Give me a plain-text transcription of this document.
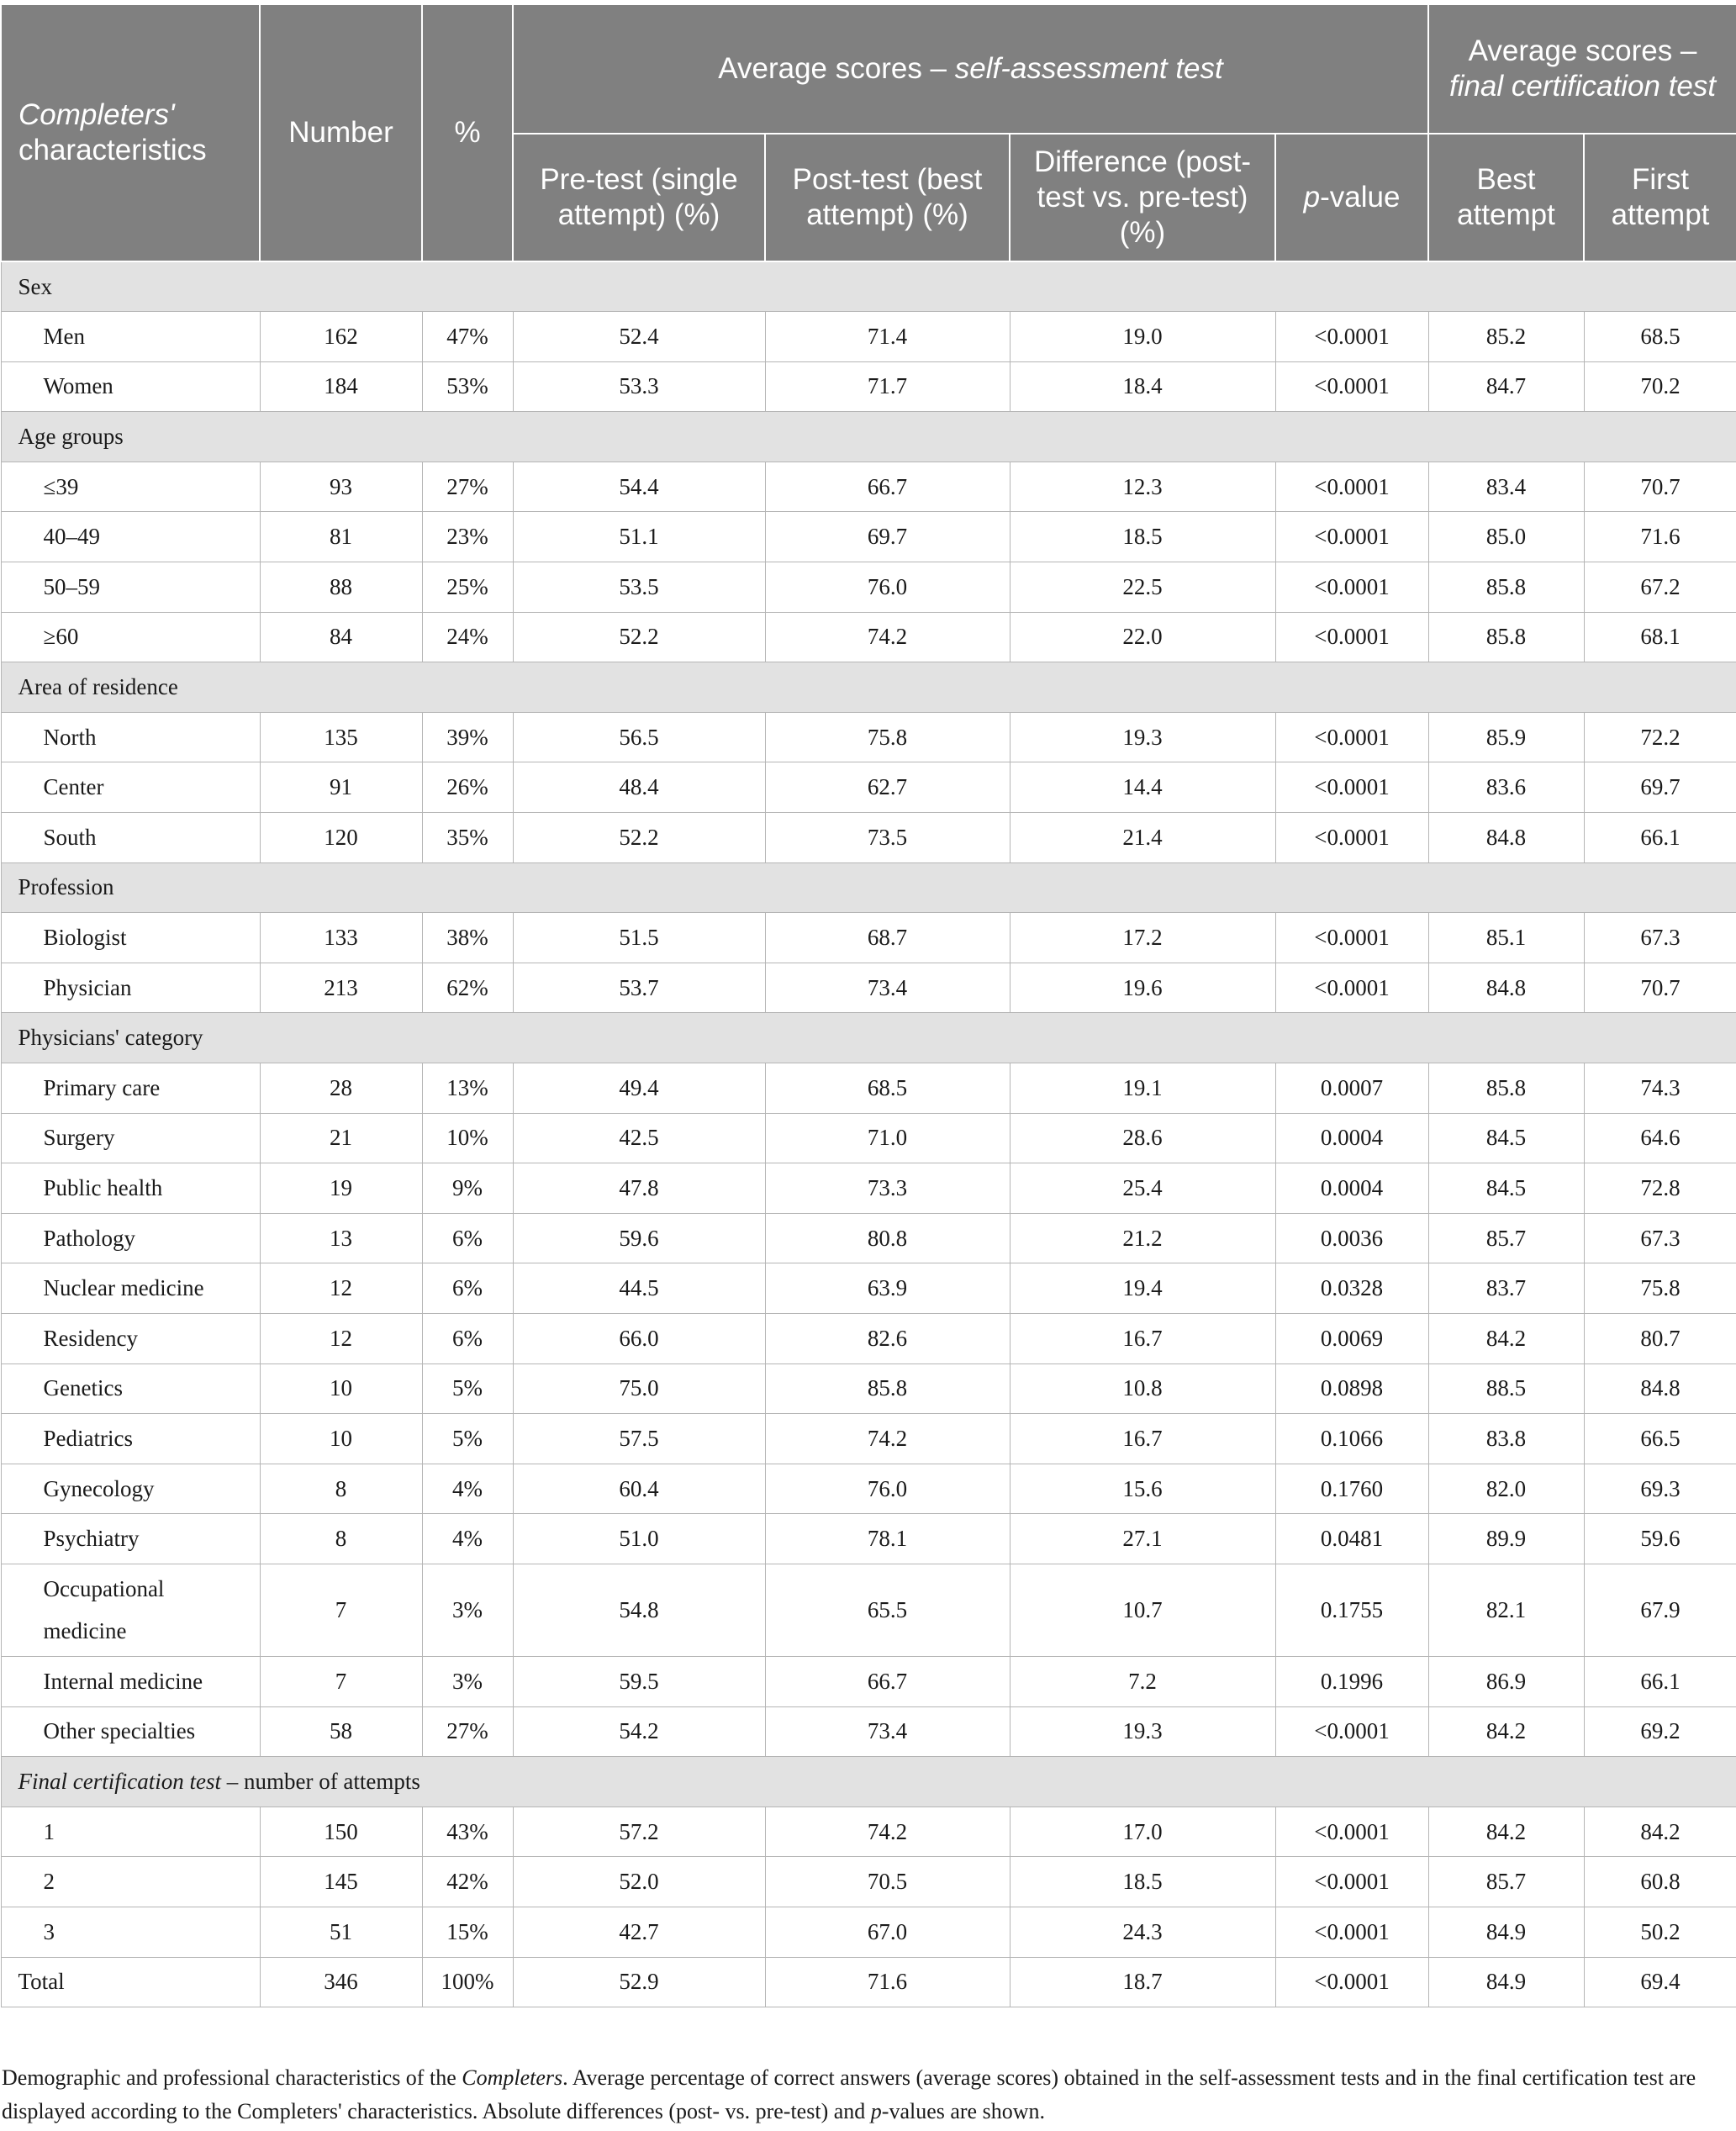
Completers'
characteristics	Number	%	Average scores – self-assessment test				Average scores – final certification test	
			Pre-test (single attempt) (%)	Post-test (best attempt) (%)	Difference (post-test vs. pre-test) (%)	p-value	Best attempt	First attempt
Sex								
Men	162	47%	52.4	71.4	19.0	<0.0001	85.2	68.5
Women	184	53%	53.3	71.7	18.4	<0.0001	84.7	70.2
Age groups								
≤39	93	27%	54.4	66.7	12.3	<0.0001	83.4	70.7
40–49	81	23%	51.1	69.7	18.5	<0.0001	85.0	71.6
50–59	88	25%	53.5	76.0	22.5	<0.0001	85.8	67.2
≥60	84	24%	52.2	74.2	22.0	<0.0001	85.8	68.1
Area of residence								
North	135	39%	56.5	75.8	19.3	<0.0001	85.9	72.2
Center	91	26%	48.4	62.7	14.4	<0.0001	83.6	69.7
South	120	35%	52.2	73.5	21.4	<0.0001	84.8	66.1
Profession								
Biologist	133	38%	51.5	68.7	17.2	<0.0001	85.1	67.3
Physician	213	62%	53.7	73.4	19.6	<0.0001	84.8	70.7
Physicians' category								
Primary care	28	13%	49.4	68.5	19.1	0.0007	85.8	74.3
Surgery	21	10%	42.5	71.0	28.6	0.0004	84.5	64.6
Public health	19	9%	47.8	73.3	25.4	0.0004	84.5	72.8
Pathology	13	6%	59.6	80.8	21.2	0.0036	85.7	67.3
Nuclear medicine	12	6%	44.5	63.9	19.4	0.0328	83.7	75.8
Residency	12	6%	66.0	82.6	16.7	0.0069	84.2	80.7
Genetics	10	5%	75.0	85.8	10.8	0.0898	88.5	84.8
Pediatrics	10	5%	57.5	74.2	16.7	0.1066	83.8	66.5
Gynecology	8	4%	60.4	76.0	15.6	0.1760	82.0	69.3
Psychiatry	8	4%	51.0	78.1	27.1	0.0481	89.9	59.6
Occupational medicine	7	3%	54.8	65.5	10.7	0.1755	82.1	67.9
Internal medicine	7	3%	59.5	66.7	7.2	0.1996	86.9	66.1
Other specialties	58	27%	54.2	73.4	19.3	<0.0001	84.2	69.2
Final certification test – number of attempts								
1	150	43%	57.2	74.2	17.0	<0.0001	84.2	84.2
2	145	42%	52.0	70.5	18.5	<0.0001	85.7	60.8
3	51	15%	42.7	67.0	24.3	<0.0001	84.9	50.2
Total	346	100%	52.9	71.6	18.7	<0.0001	84.9	69.4
Demographic and professional characteristics of the Completers. Average percentage of correct answers (average scores) obtained in the self-assessment tests and in the final certification test are displayed according to the Completers' characteristics. Absolute differences (post- vs. pre-test) and p-values are shown.
